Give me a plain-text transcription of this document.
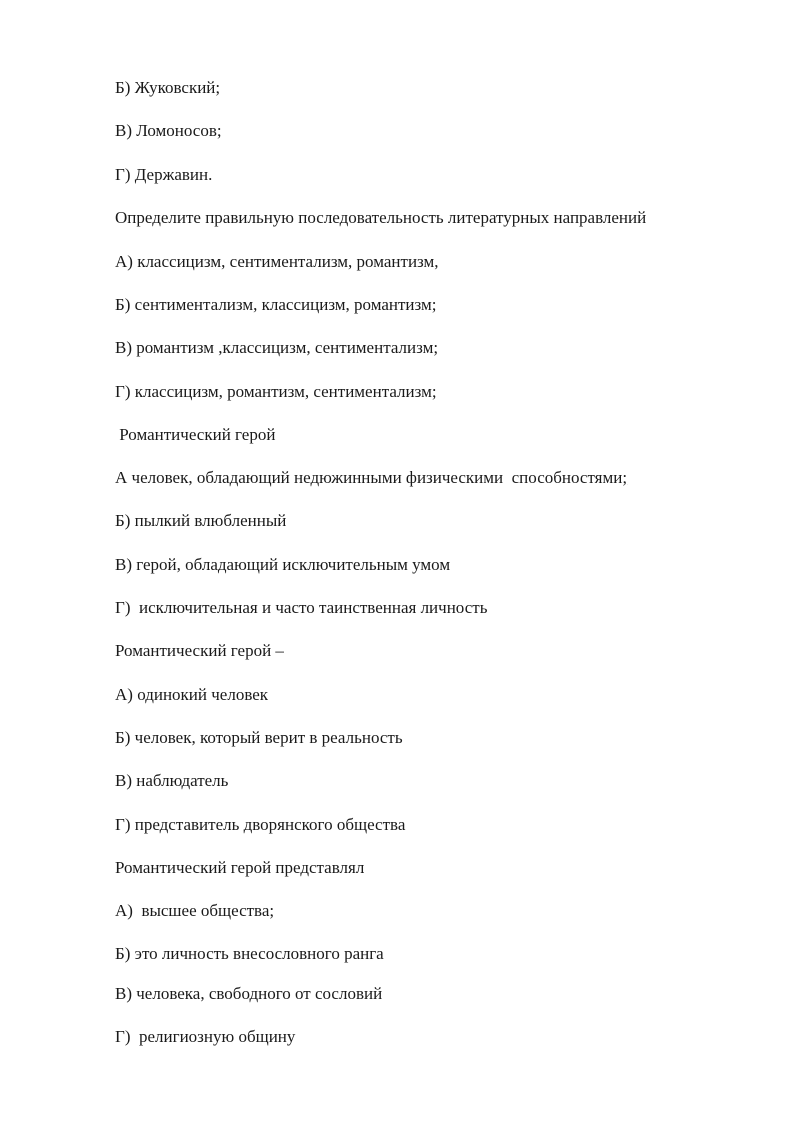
Б) Жуковский;

В) Ломоносов;

Г) Державин.

Определите правильную последовательность литературных направлений

А) классицизм, сентиментализм, романтизм,

Б) сентиментализм, классицизм, романтизм;

В) романтизм ,классицизм, сентиментализм;

Г) классицизм, романтизм, сентиментализм;

Романтический герой

А человек, обладающий недюжинными физическими  способностями;

Б) пылкий влюбленный

В) герой, обладающий исключительным умом

Г)  исключительная и часто таинственная личность

Романтический герой –

А) одинокий человек

Б) человек, который верит в реальность

В) наблюдатель

Г) представитель дворянского общества

Романтический герой представлял

А)  высшее общества;

Б) это личность внесословного ранга

В) человека, свободного от сословий

Г)  религиозную общину
